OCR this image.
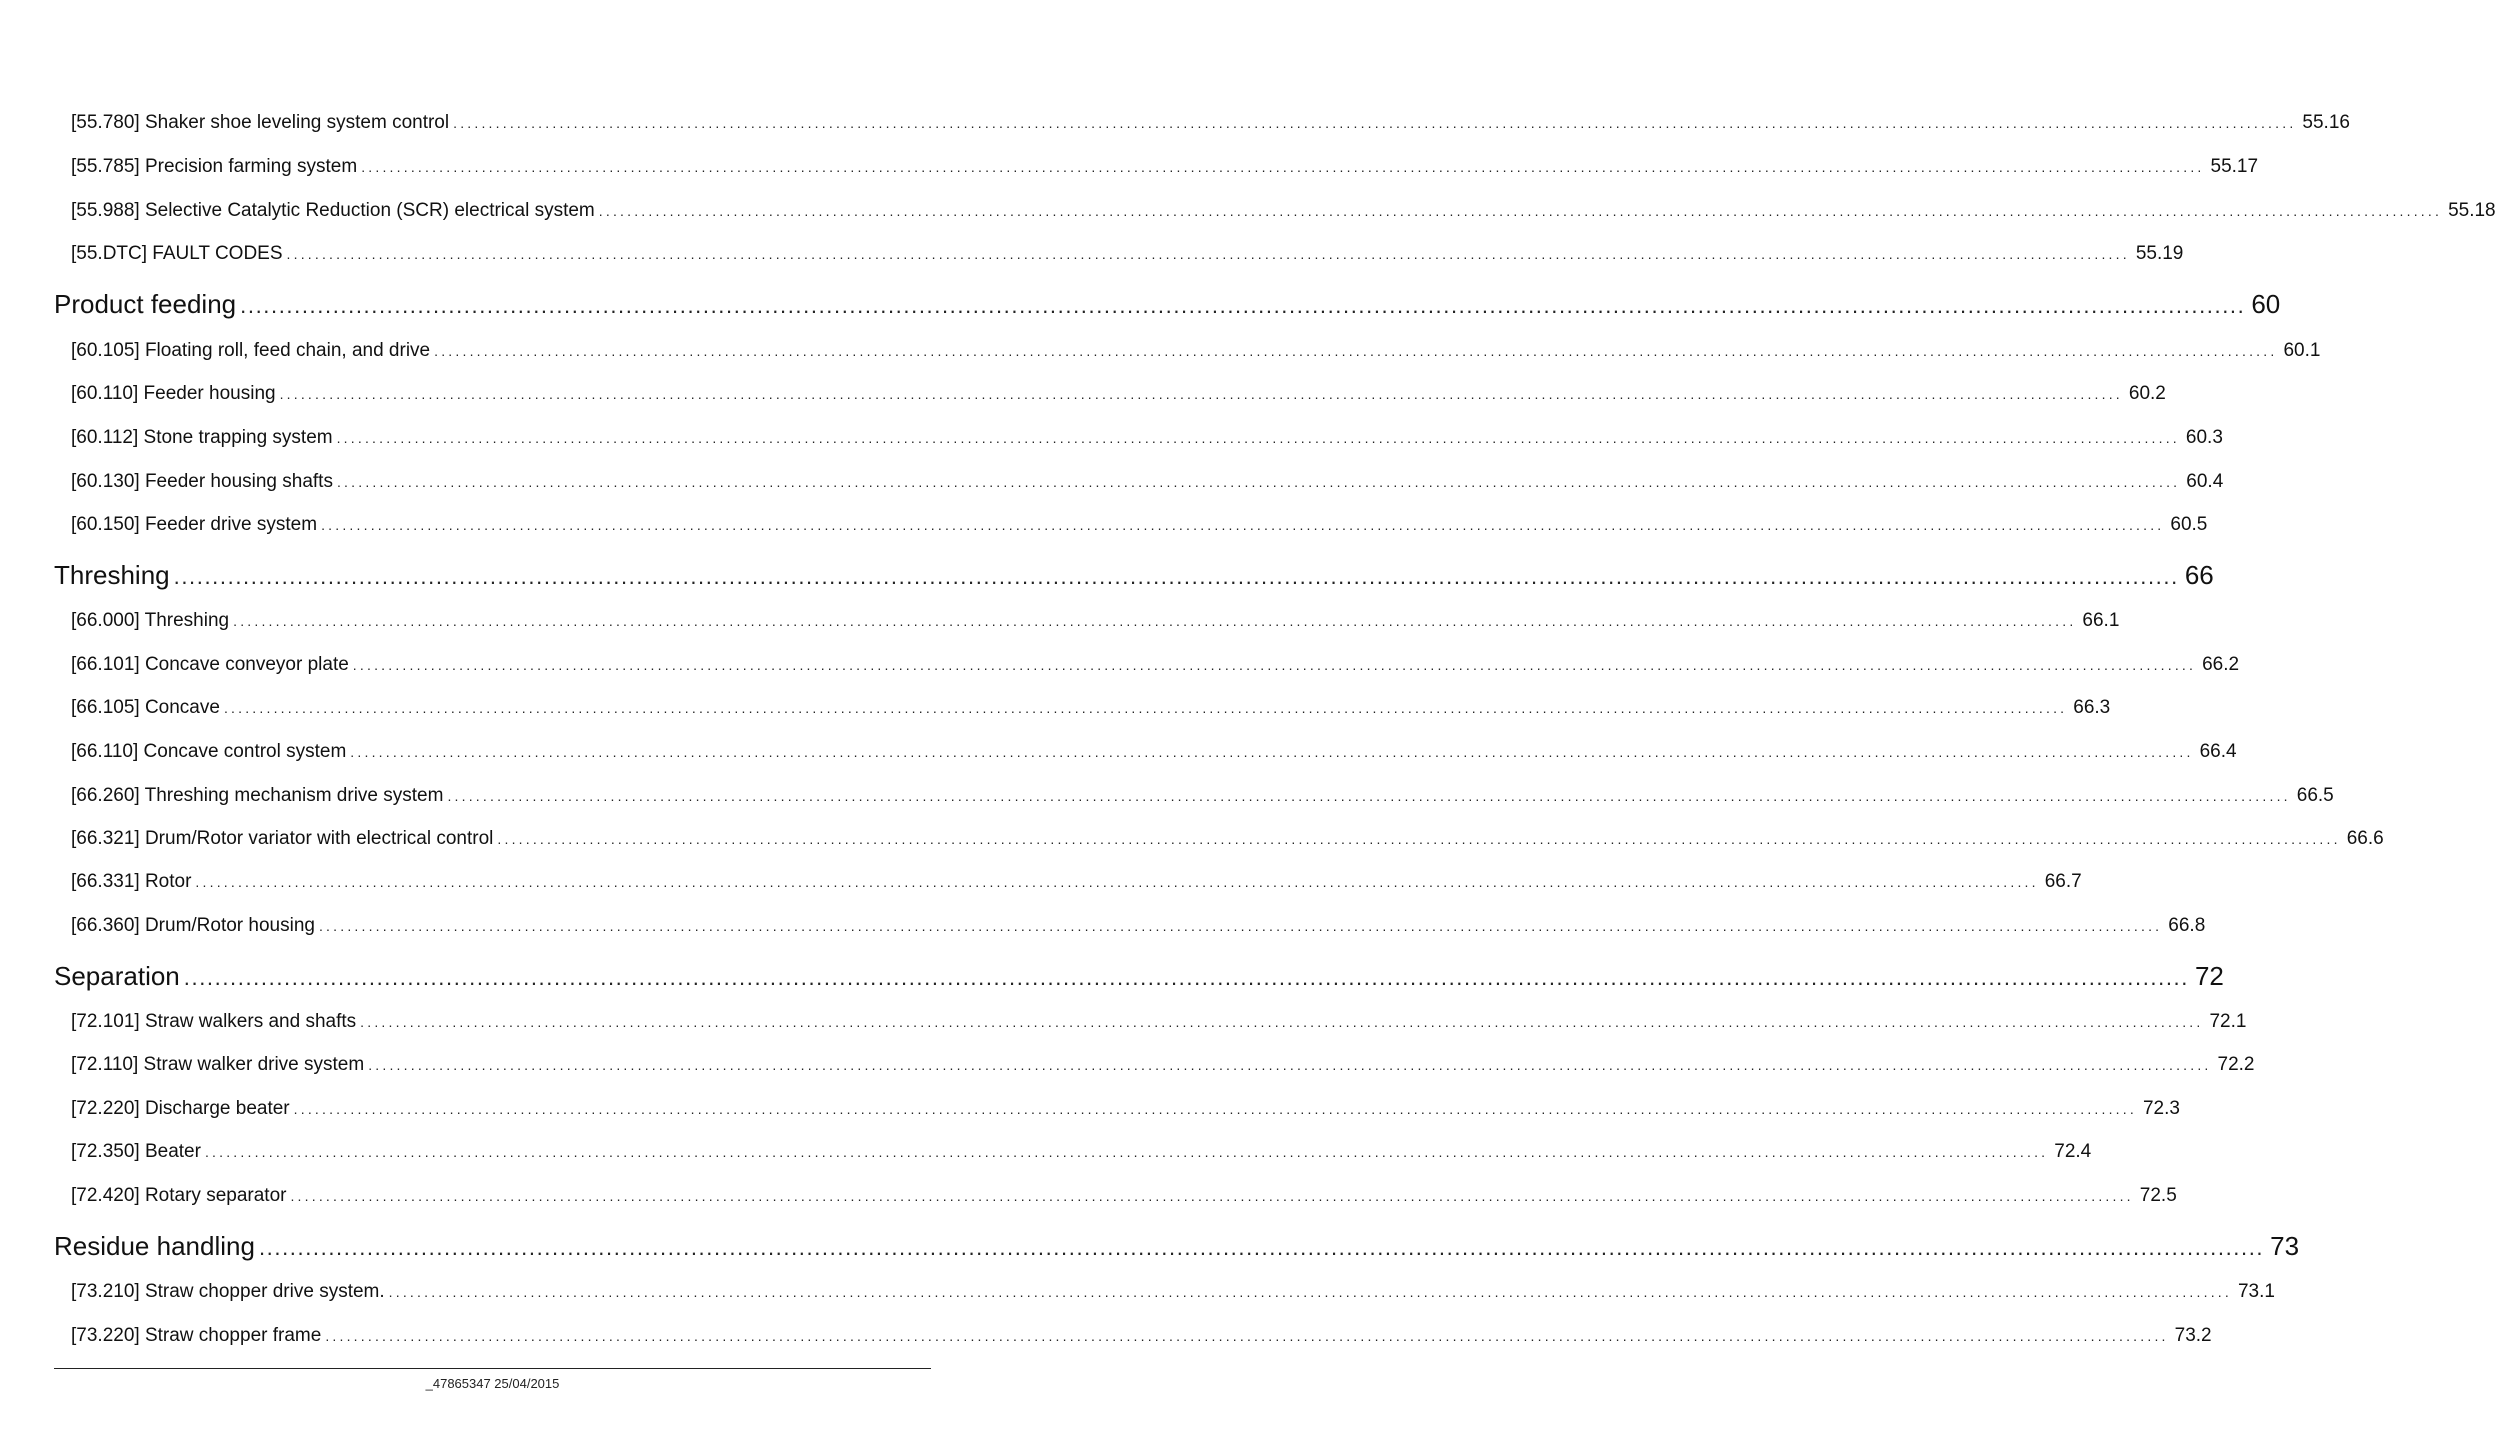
[55.780] Shaker shoe leveling system control .................................................................................................................................................................................................................................................................... 55.16
[55.785] Precision farming system .................................................................................................................................................................................................................................................................... 55.17
[55.988] Selective Catalytic Reduction (SCR) electrical system .................................................................................................................................................................................................................................................................... 55.18
[55.DTC] FAULT CODES .................................................................................................................................................................................................................................................................... 55.19
Product feeding .................................................................................................................................................................................................................................................................... 60
[60.105] Floating roll, feed chain, and drive .................................................................................................................................................................................................................................................................... 60.1
[60.110] Feeder housing .................................................................................................................................................................................................................................................................... 60.2
[60.112] Stone trapping system .................................................................................................................................................................................................................................................................... 60.3
[60.130] Feeder housing shafts .................................................................................................................................................................................................................................................................... 60.4
[60.150] Feeder drive system .................................................................................................................................................................................................................................................................... 60.5
Threshing .................................................................................................................................................................................................................................................................... 66
[66.000] Threshing .................................................................................................................................................................................................................................................................... 66.1
[66.101] Concave conveyor plate .................................................................................................................................................................................................................................................................... 66.2
[66.105] Concave .................................................................................................................................................................................................................................................................... 66.3
[66.110] Concave control system .................................................................................................................................................................................................................................................................... 66.4
[66.260] Threshing mechanism drive system .................................................................................................................................................................................................................................................................... 66.5
[66.321] Drum/Rotor variator with electrical control .................................................................................................................................................................................................................................................................... 66.6
[66.331] Rotor .................................................................................................................................................................................................................................................................... 66.7
[66.360] Drum/Rotor housing .................................................................................................................................................................................................................................................................... 66.8
Separation .................................................................................................................................................................................................................................................................... 72
[72.101] Straw walkers and shafts .................................................................................................................................................................................................................................................................... 72.1
[72.110] Straw walker drive system .................................................................................................................................................................................................................................................................... 72.2
[72.220] Discharge beater .................................................................................................................................................................................................................................................................... 72.3
[72.350] Beater .................................................................................................................................................................................................................................................................... 72.4
[72.420] Rotary separator .................................................................................................................................................................................................................................................................... 72.5
Residue handling .................................................................................................................................................................................................................................................................... 73
[73.210] Straw chopper drive system. .................................................................................................................................................................................................................................................................... 73.1
[73.220] Straw chopper frame .................................................................................................................................................................................................................................................................... 73.2
_47865347 25/04/2015
